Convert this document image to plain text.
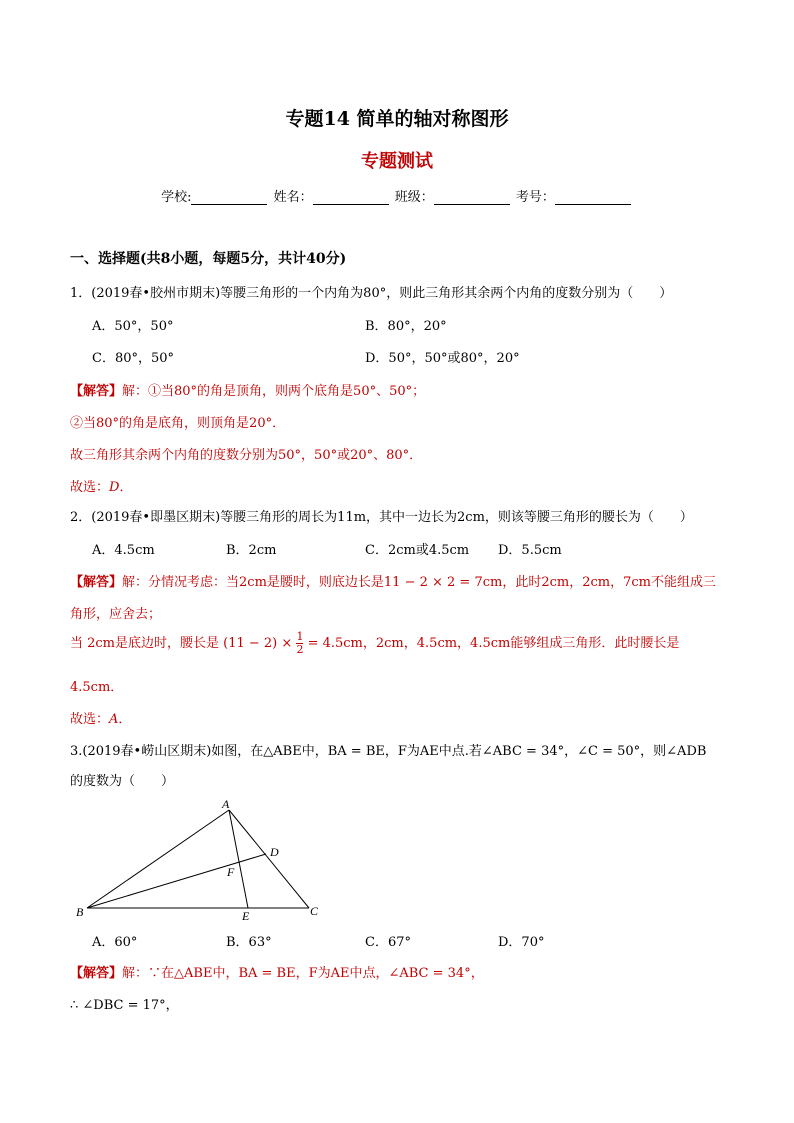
专题14 简单的轴对称图形
专题测试
学校:	姓名：	班级：	考号：
一、选择题(共8小题，每题5分，共计40分)
1．(2019春•胶州市期末)等腰三角形的一个内角为80°，则此三角形其余两个内角的度数分别为（　　）
A．50°，50°	B．80°，20°
C．80°，50°	D．50°，50°或80°，20°
【解答】解：①当80°的角是顶角，则两个底角是50°、50°；
②当80°的角是底角，则顶角是20°．
故三角形其余两个内角的度数分别为50°，50°或20°、80°．
故选：D．
2．(2019春•即墨区期末)等腰三角形的周长为11m，其中一边长为2cm，则该等腰三角形的腰长为（　　）
A．4.5cm	B．2cm	C．2cm或4.5cm D．5.5cm
【解答】解：分情况考虑：当2cm是腰时，则底边长是11 − 2 × 2 = 7cm，此时2cm，2cm，7cm不能组成三
角形，应舍去；
当 2cm是底边时，腰长是 $(11 - 2) \times \frac{1}{2} = 4.5cm$，2cm，4.5cm，4.5cm能够组成三角形．此时腰长是
4.5cm．
故选：A．
3.(2019春•崂山区期末)如图，在△ABE中，BA = BE，F为AE中点.若∠ABC = 34°，∠C = 50°，则∠ADB
的度数为（　　）
A
B	C
D
E
F
A．60°	B．63°	C．67°	D．70°
【解答】解：∵在△ABE中，BA = BE，F为AE中点，∠ABC = 34°，
∴ ∠DBC = 17°，
